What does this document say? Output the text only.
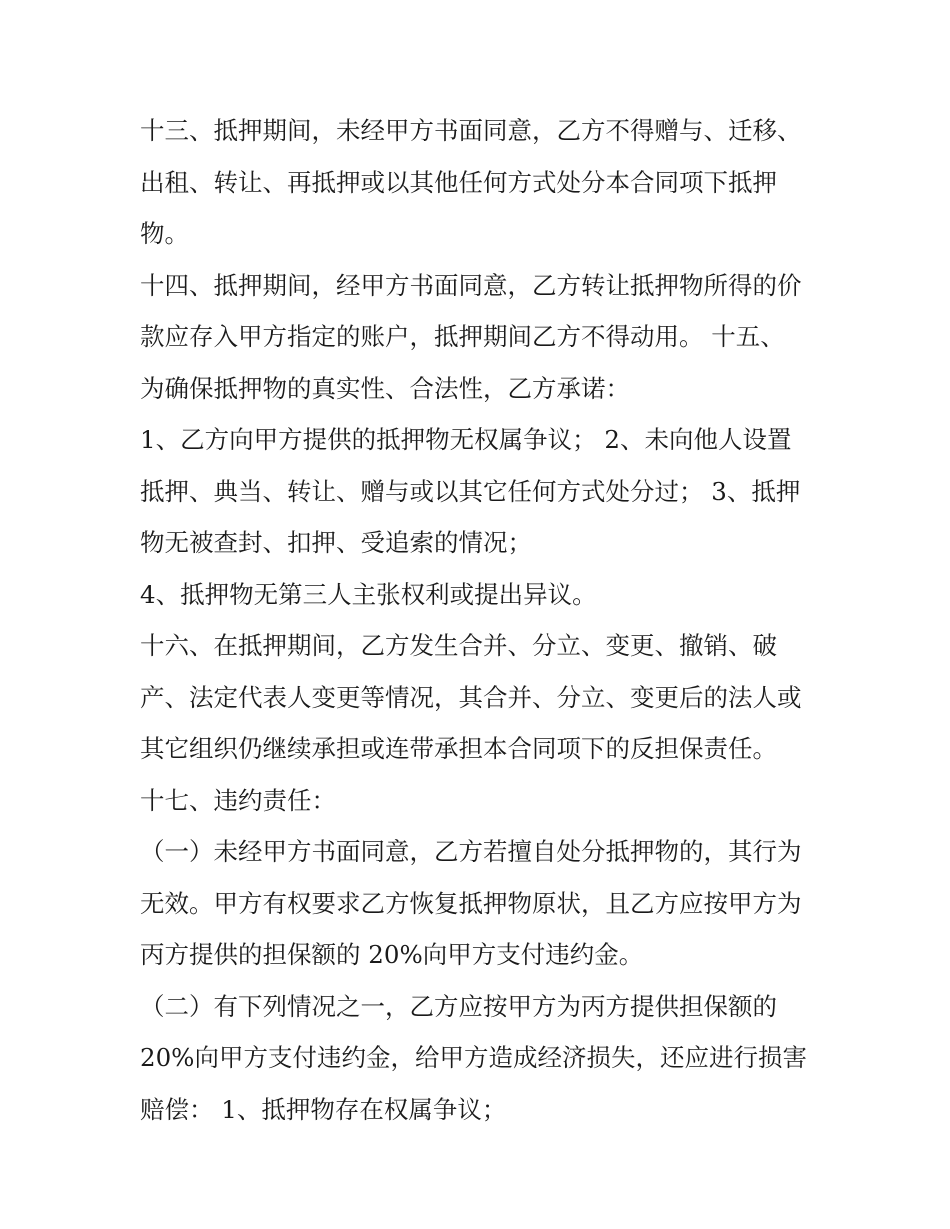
十三、抵押期间，未经甲方书面同意，乙方不得赠与、迁移、
出租、转让、再抵押或以其他任何方式处分本合同项下抵押
物。
十四、抵押期间，经甲方书面同意，乙方转让抵押物所得的价
款应存入甲方指定的账户，抵押期间乙方不得动用。 十五、
为确保抵押物的真实性、合法性，乙方承诺：
1、乙方向甲方提供的抵押物无权属争议； 2、未向他人设置
抵押、典当、转让、赠与或以其它任何方式处分过； 3、抵押
物无被查封、扣押、受追索的情况；
4、抵押物无第三人主张权利或提出异议。
十六、在抵押期间，乙方发生合并、分立、变更、撤销、破
产、法定代表人变更等情况，其合并、分立、变更后的法人或
其它组织仍继续承担或连带承担本合同项下的反担保责任。
十七、违约责任：
（一）未经甲方书面同意，乙方若擅自处分抵押物的，其行为
无效。甲方有权要求乙方恢复抵押物原状，且乙方应按甲方为
丙方提供的担保额的 20%向甲方支付违约金。
（二）有下列情况之一，乙方应按甲方为丙方提供担保额的
20%向甲方支付违约金，给甲方造成经济损失，还应进行损害
赔偿： 1、抵押物存在权属争议；
